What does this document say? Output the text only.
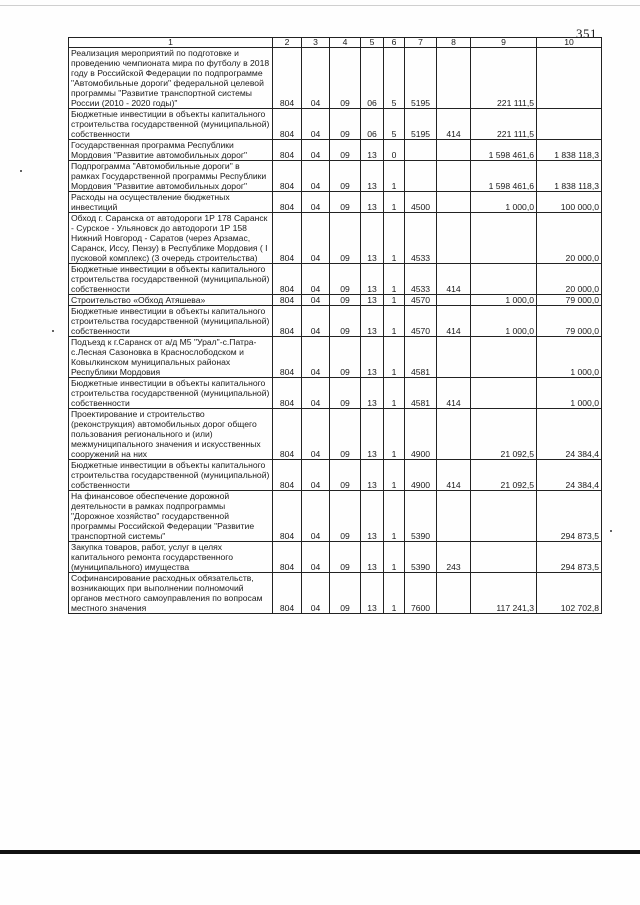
351
1	2	3	4	5	6	7	8	9	10
Реализация мероприятий по подготовке и проведению чемпионата мира по футболу в 2018 году в Российской Федерации по подпрограмме "Автомобильные дороги" федеральной целевой программы "Развитие транспортной системы России (2010 - 2020 годы)"	804	04	09	06	5	5195		221 111,5	
Бюджетные инвестиции в объекты капитального строительства государственной (муниципальной) собственности	804	04	09	06	5	5195	414	221 111,5	
Государственная программа Республики Мордовия "Развитие автомобильных дорог"	804	04	09	13	0			1 598 461,6	1 838 118,3
Подпрограмма "Автомобильные дороги" в рамках Государственной программы Республики Мордовия "Развитие автомобильных дорог"	804	04	09	13	1			1 598 461,6	1 838 118,3
Расходы на осуществление бюджетных инвестиций	804	04	09	13	1	4500		1 000,0	100 000,0
Обход г. Саранска от автодороги 1Р 178 Саранск - Сурское - Ульяновск до автодороги 1Р 158 Нижний Новгород - Саратов (через Арзамас, Саранск, Иссу, Пензу) в Республике Мордовия ( I пусковой комплекс) (3 очередь строительства)	804	04	09	13	1	4533			20 000,0
Бюджетные инвестиции в объекты капитального строительства государственной (муниципальной) собственности	804	04	09	13	1	4533	414		20 000,0
Строительство «Обход Атяшева»	804	04	09	13	1	4570		1 000,0	79 000,0
Бюджетные инвестиции в объекты капитального строительства государственной (муниципальной) собственности	804	04	09	13	1	4570	414	1 000,0	79 000,0
Подъезд к г.Саранск от а/д М5 "Урал"-с.Патра-с.Лесная Сазоновка в Краснослободском и Ковылкинском муниципальных районах Республики Мордовия	804	04	09	13	1	4581			1 000,0
Бюджетные инвестиции в объекты капитального строительства государственной (муниципальной) собственности	804	04	09	13	1	4581	414		1 000,0
Проектирование и строительство (реконструкция) автомобильных дорог общего пользования регионального и (или) межмуниципального значения и искусственных сооружений на них	804	04	09	13	1	4900		21 092,5	24 384,4
Бюджетные инвестиции в объекты капитального строительства государственной (муниципальной) собственности	804	04	09	13	1	4900	414	21 092,5	24 384,4
На финансовое обеспечение дорожной деятельности в рамках подпрограммы "Дорожное хозяйство" государственной программы Российской Федерации "Развитие транспортной системы"	804	04	09	13	1	5390			294 873,5
Закупка товаров, работ, услуг в целях капитального ремонта государственного (муниципального) имущества	804	04	09	13	1	5390	243		294 873,5
Софинансирование расходных обязательств, возникающих при выполнении полномочий органов местного самоуправления по вопросам местного значения	804	04	09	13	1	7600		117 241,3	102 702,8
